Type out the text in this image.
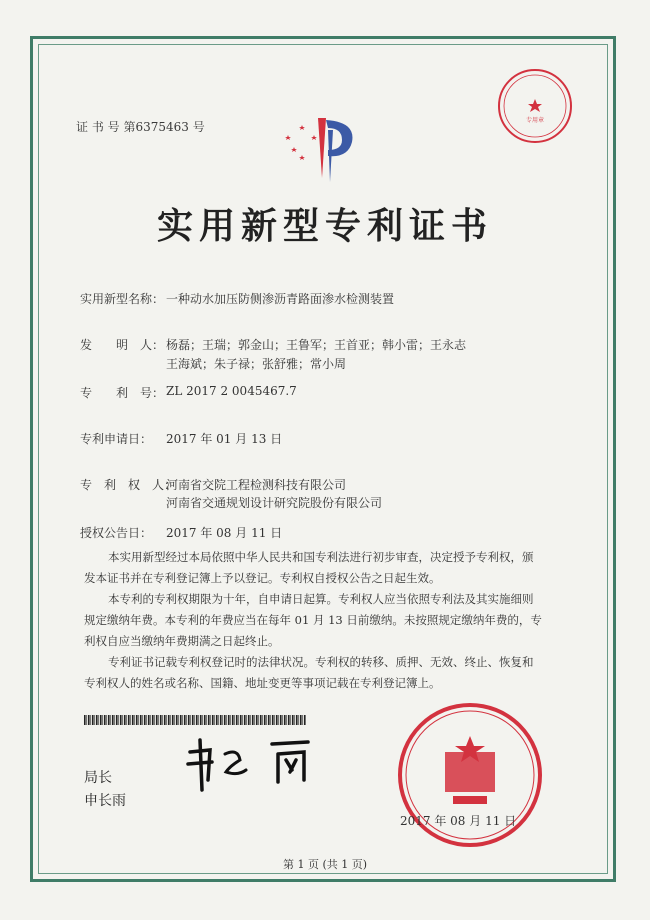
证 书 号 第6375463 号	专用章
实用新型专利证书
实用新型名称： 一种动水加压防侧渗沥青路面渗水检测装置
发　　明　人： 杨磊；王瑞；郭金山；王鲁军；王首亚；韩小雷；王永志
王海斌；朱子禄；张舒雅；常小周
专　　利　号： ZL 2017 2 0045467.7
专利申请日： 2017 年 01 月 13 日
专　利　权　人：
河南省交院工程检测科技有限公司
河南省交通规划设计研究院股份有限公司
授权公告日： 2017 年 08 月 11 日
本实用新型经过本局依照中华人民共和国专利法进行初步审查，决定授予专利权，颁
发本证书并在专利登记簿上予以登记。专利权自授权公告之日起生效。
本专利的专利权期限为十年，自申请日起算。专利权人应当依照专利法及其实施细则
规定缴纳年费。本专利的年费应当在每年 01 月 13 日前缴纳。未按照规定缴纳年费的，专
利权自应当缴纳年费期满之日起终止。
专利证书记载专利权登记时的法律状况。专利权的转移、质押、无效、终止、恢复和
专利权人的姓名或名称、国籍、地址变更等事项记载在专利登记簿上。
局长
申长雨
2017 年 08 月 11 日
第 1 页 (共 1 页)
